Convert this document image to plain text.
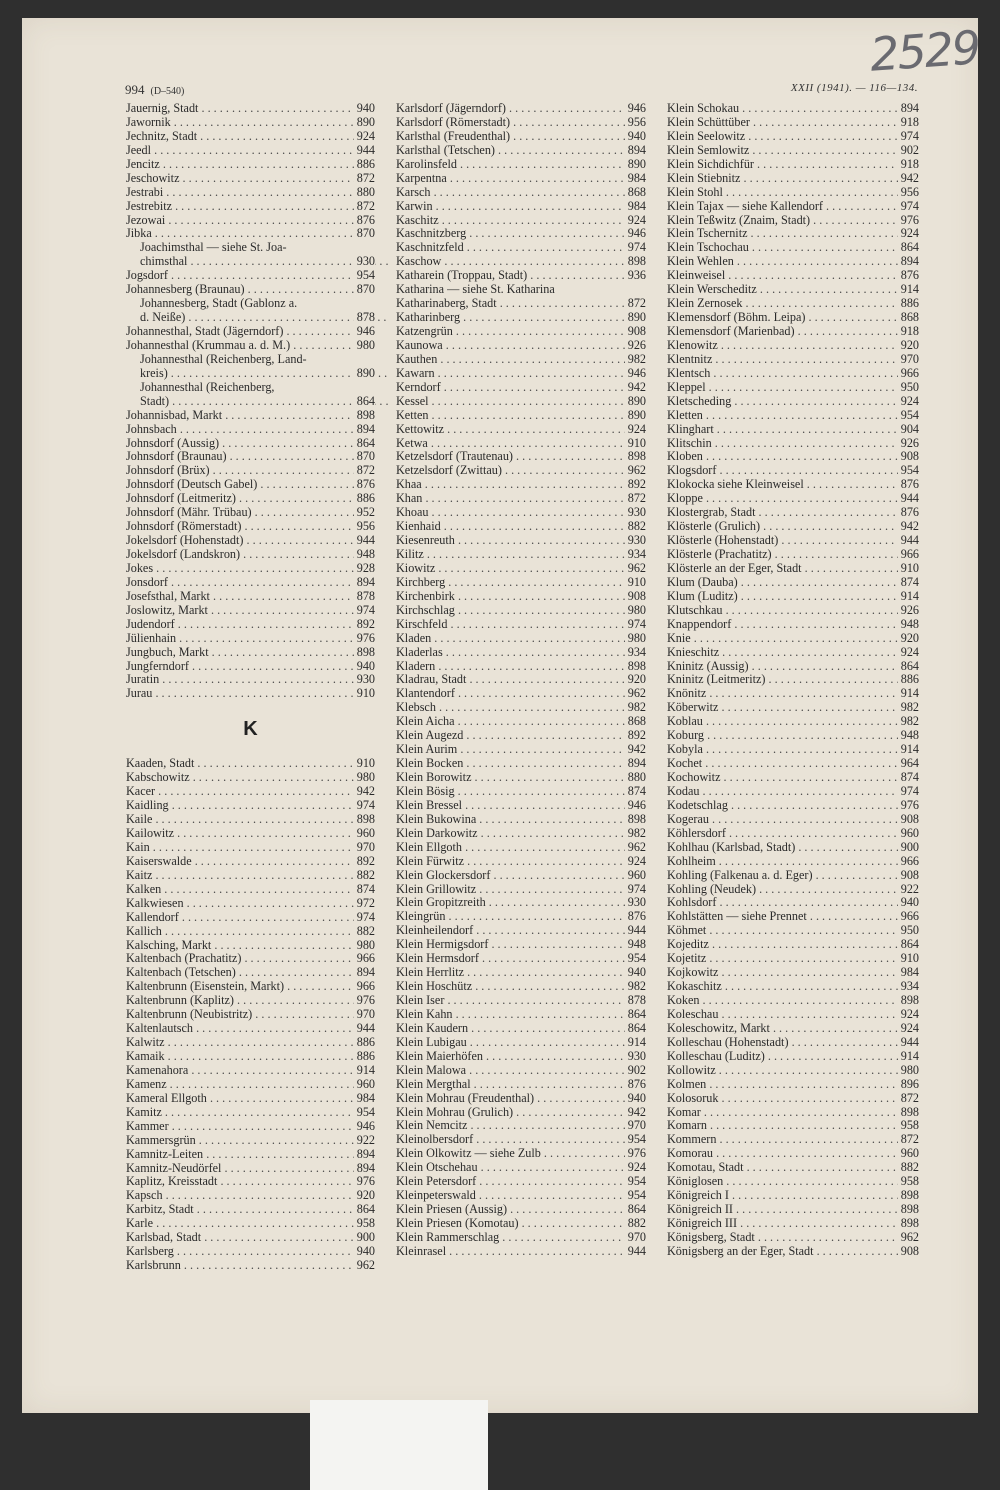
2529
994 (D–540)	XXII (1941). — 116—134.
Jauernig, Stadt . . .	940
Jawornik . . .	890
Jechnitz, Stadt . . .	924
Jeedl . . .	944
Jencitz . . .	886
Jeschowitz . . .	872
Jestrabi . . .	880
Jestrebitz . . .	872
Jezowai . . .	876
Jibka . . .	870
Joachimsthal — siehe St. Joa-
chimsthal . . .	930
Jogsdorf . . .	954
Johannesberg (Braunau) . . .	870
Johannesberg, Stadt (Gablonz a.
d. Neiße) . . .	878
Johannesthal, Stadt (Jägerndorf) . . .	946
Johannesthal (Krummau a. d. M.) . . .	980
Johannesthal (Reichenberg, Land-
kreis) . . .	890
Johannesthal (Reichenberg,
Stadt) . . .	864
Johannisbad, Markt . . .	898
Johnsbach . . .	894
Johnsdorf (Aussig) . . .	864
Johnsdorf (Braunau) . . .	870
Johnsdorf (Brüx) . . .	872
Johnsdorf (Deutsch Gabel) . . .	876
Johnsdorf (Leitmeritz) . . .	886
Johnsdorf (Mähr. Trübau) . . .	952
Johnsdorf (Römerstadt) . . .	956
Jokelsdorf (Hohenstadt) . . .	944
Jokelsdorf (Landskron) . . .	948
Jokes . . .	928
Jonsdorf . . .	894
Josefsthal, Markt . . .	878
Joslowitz, Markt . . .	974
Judendorf . . .	892
Jülienhain . . .	976
Jungbuch, Markt . . .	898
Jungferndorf . . .	940
Juratin . . .	930
Jurau . . .	910
K
Kaaden, Stadt . . .	910
Kabschowitz . . .	980
Kacer . . .	942
Kaidling . . .	974
Kaile . . .	898
Kailowitz . . .	960
Kain . . .	970
Kaiserswalde . . .	892
Kaitz . . .	882
Kalken . . .	874
Kalkwiesen . . .	972
Kallendorf . . .	974
Kallich . . .	882
Kalsching, Markt . . .	980
Kaltenbach (Prachatitz) . . .	966
Kaltenbach (Tetschen) . . .	894
Kaltenbrunn (Eisenstein, Markt) . . .	966
Kaltenbrunn (Kaplitz) . . .	976
Kaltenbrunn (Neubistritz) . . .	970
Kaltenlautsch . . .	944
Kalwitz . . .	886
Kamaik . . .	886
Kamenahora . . .	914
Kamenz . . .	960
Kameral Ellgoth . . .	984
Kamitz . . .	954
Kammer . . .	946
Kammersgrün . . .	922
Kamnitz-Leiten . . .	894
Kamnitz-Neudörfel . . .	894
Kaplitz, Kreisstadt . . .	976
Kapsch . . .	920
Karbitz, Stadt . . .	864
Karle . . .	958
Karlsbad, Stadt . . .	900
Karlsberg . . .	940
Karlsbrunn . . .	962
Karlsdorf (Jägerndorf) . . .	946
Karlsdorf (Römerstadt) . . .	956
Karlsthal (Freudenthal) . . .	940
Karlsthal (Tetschen) . . .	894
Karolinsfeld . . .	890
Karpentna . . .	984
Karsch . . .	868
Karwin . . .	984
Kaschitz . . .	924
Kaschnitzberg . . .	946
Kaschnitzfeld . . .	974
Kaschow . . .	898
Katharein (Troppau, Stadt) . . .	936
Katharina — siehe St. Katharina
Katharinaberg, Stadt . . .	872
Katharinberg . . .	890
Katzengrün . . .	908
Kaunowa . . .	926
Kauthen . . .	982
Kawarn . . .	946
Kerndorf . . .	942
Kessel . . .	890
Ketten . . .	890
Kettowitz . . .	924
Ketwa . . .	910
Ketzelsdorf (Trautenau) . . .	898
Ketzelsdorf (Zwittau) . . .	962
Khaa . . .	892
Khan . . .	872
Khoau . . .	930
Kienhaid . . .	882
Kiesenreuth . . .	930
Kilitz . . .	934
Kiowitz . . .	962
Kirchberg . . .	910
Kirchenbirk . . .	908
Kirchschlag . . .	980
Kirschfeld . . .	974
Kladen . . .	980
Kladerlas . . .	934
Kladern . . .	898
Kladrau, Stadt . . .	920
Klantendorf . . .	962
Klebsch . . .	982
Klein Aicha . . .	868
Klein Augezd . . .	892
Klein Aurim . . .	942
Klein Bocken . . .	894
Klein Borowitz . . .	880
Klein Bösig . . .	874
Klein Bressel . . .	946
Klein Bukowina . . .	898
Klein Darkowitz . . .	982
Klein Ellgoth . . .	962
Klein Fürwitz . . .	924
Klein Glockersdorf . . .	960
Klein Grillowitz . . .	974
Klein Gropitzreith . . .	930
Kleingrün . . .	876
Kleinheilendorf . . .	944
Klein Hermigsdorf . . .	948
Klein Hermsdorf . . .	954
Klein Herrlitz . . .	940
Klein Hoschütz . . .	982
Klein Iser . . .	878
Klein Kahn . . .	864
Klein Kaudern . . .	864
Klein Lubigau . . .	914
Klein Maierhöfen . . .	930
Klein Malowa . . .	902
Klein Mergthal . . .	876
Klein Mohrau (Freudenthal) . . .	940
Klein Mohrau (Grulich) . . .	942
Klein Nemcitz . . .	970
Kleinolbersdorf . . .	954
Klein Olkowitz — siehe Zulb . . .	976
Klein Otschehau . . .	924
Klein Petersdorf . . .	954
Kleinpeterswald . . .	954
Klein Priesen (Aussig) . . .	864
Klein Priesen (Komotau) . . .	882
Klein Rammerschlag . . .	970
Kleinrasel . . .	944
Klein Schokau . . .	894
Klein Schüttüber . . .	918
Klein Seelowitz . . .	974
Klein Semlowitz . . .	902
Klein Sichdichfür . . .	918
Klein Stiebnitz . . .	942
Klein Stohl . . .	956
Klein Tajax — siehe Kallendorf . . .	974
Klein Teßwitz (Znaim, Stadt) . . .	976
Klein Tschernitz . . .	924
Klein Tschochau . . .	864
Klein Wehlen . . .	894
Kleinweisel . . .	876
Klein Werscheditz . . .	914
Klein Zernosek . . .	886
Klemensdorf (Böhm. Leipa) . . .	868
Klemensdorf (Marienbad) . . .	918
Klenowitz . . .	920
Klentnitz . . .	970
Klentsch . . .	966
Kleppel . . .	950
Kletscheding . . .	924
Kletten . . .	954
Klinghart . . .	904
Klitschin . . .	926
Kloben . . .	908
Klogsdorf . . .	954
Klokocka siehe Kleinweisel . . .	876
Kloppe . . .	944
Klostergrab, Stadt . . .	876
Klösterle (Grulich) . . .	942
Klösterle (Hohenstadt) . . .	944
Klösterle (Prachatitz) . . .	966
Klösterle an der Eger, Stadt . . .	910
Klum (Dauba) . . .	874
Klum (Luditz) . . .	914
Klutschkau . . .	926
Knappendorf . . .	948
Knie . . .	920
Knieschitz . . .	924
Kninitz (Aussig) . . .	864
Kninitz (Leitmeritz) . . .	886
Knönitz . . .	914
Köberwitz . . .	982
Koblau . . .	982
Koburg . . .	948
Kobyla . . .	914
Kochet . . .	964
Kochowitz . . .	874
Kodau . . .	974
Kodetschlag . . .	976
Kogerau . . .	908
Köhlersdorf . . .	960
Kohlhau (Karlsbad, Stadt) . . .	900
Kohlheim . . .	966
Kohling (Falkenau a. d. Eger) . . .	908
Kohling (Neudek) . . .	922
Kohlsdorf . . .	940
Kohlstätten — siehe Prennet . . .	966
Köhmet . . .	950
Kojeditz . . .	864
Kojetitz . . .	910
Kojkowitz . . .	984
Kokaschitz . . .	934
Koken . . .	898
Koleschau . . .	924
Koleschowitz, Markt . . .	924
Kolleschau (Hohenstadt) . . .	944
Kolleschau (Luditz) . . .	914
Kollowitz . . .	980
Kolmen . . .	896
Kolosoruk . . .	872
Komar . . .	898
Komarn . . .	958
Kommern . . .	872
Komorau . . .	960
Komotau, Stadt . . .	882
Königlosen . . .	958
Königreich I . . .	898
Königreich II . . .	898
Königreich III . . .	898
Königsberg, Stadt . . .	962
Königsberg an der Eger, Stadt . . .	908
